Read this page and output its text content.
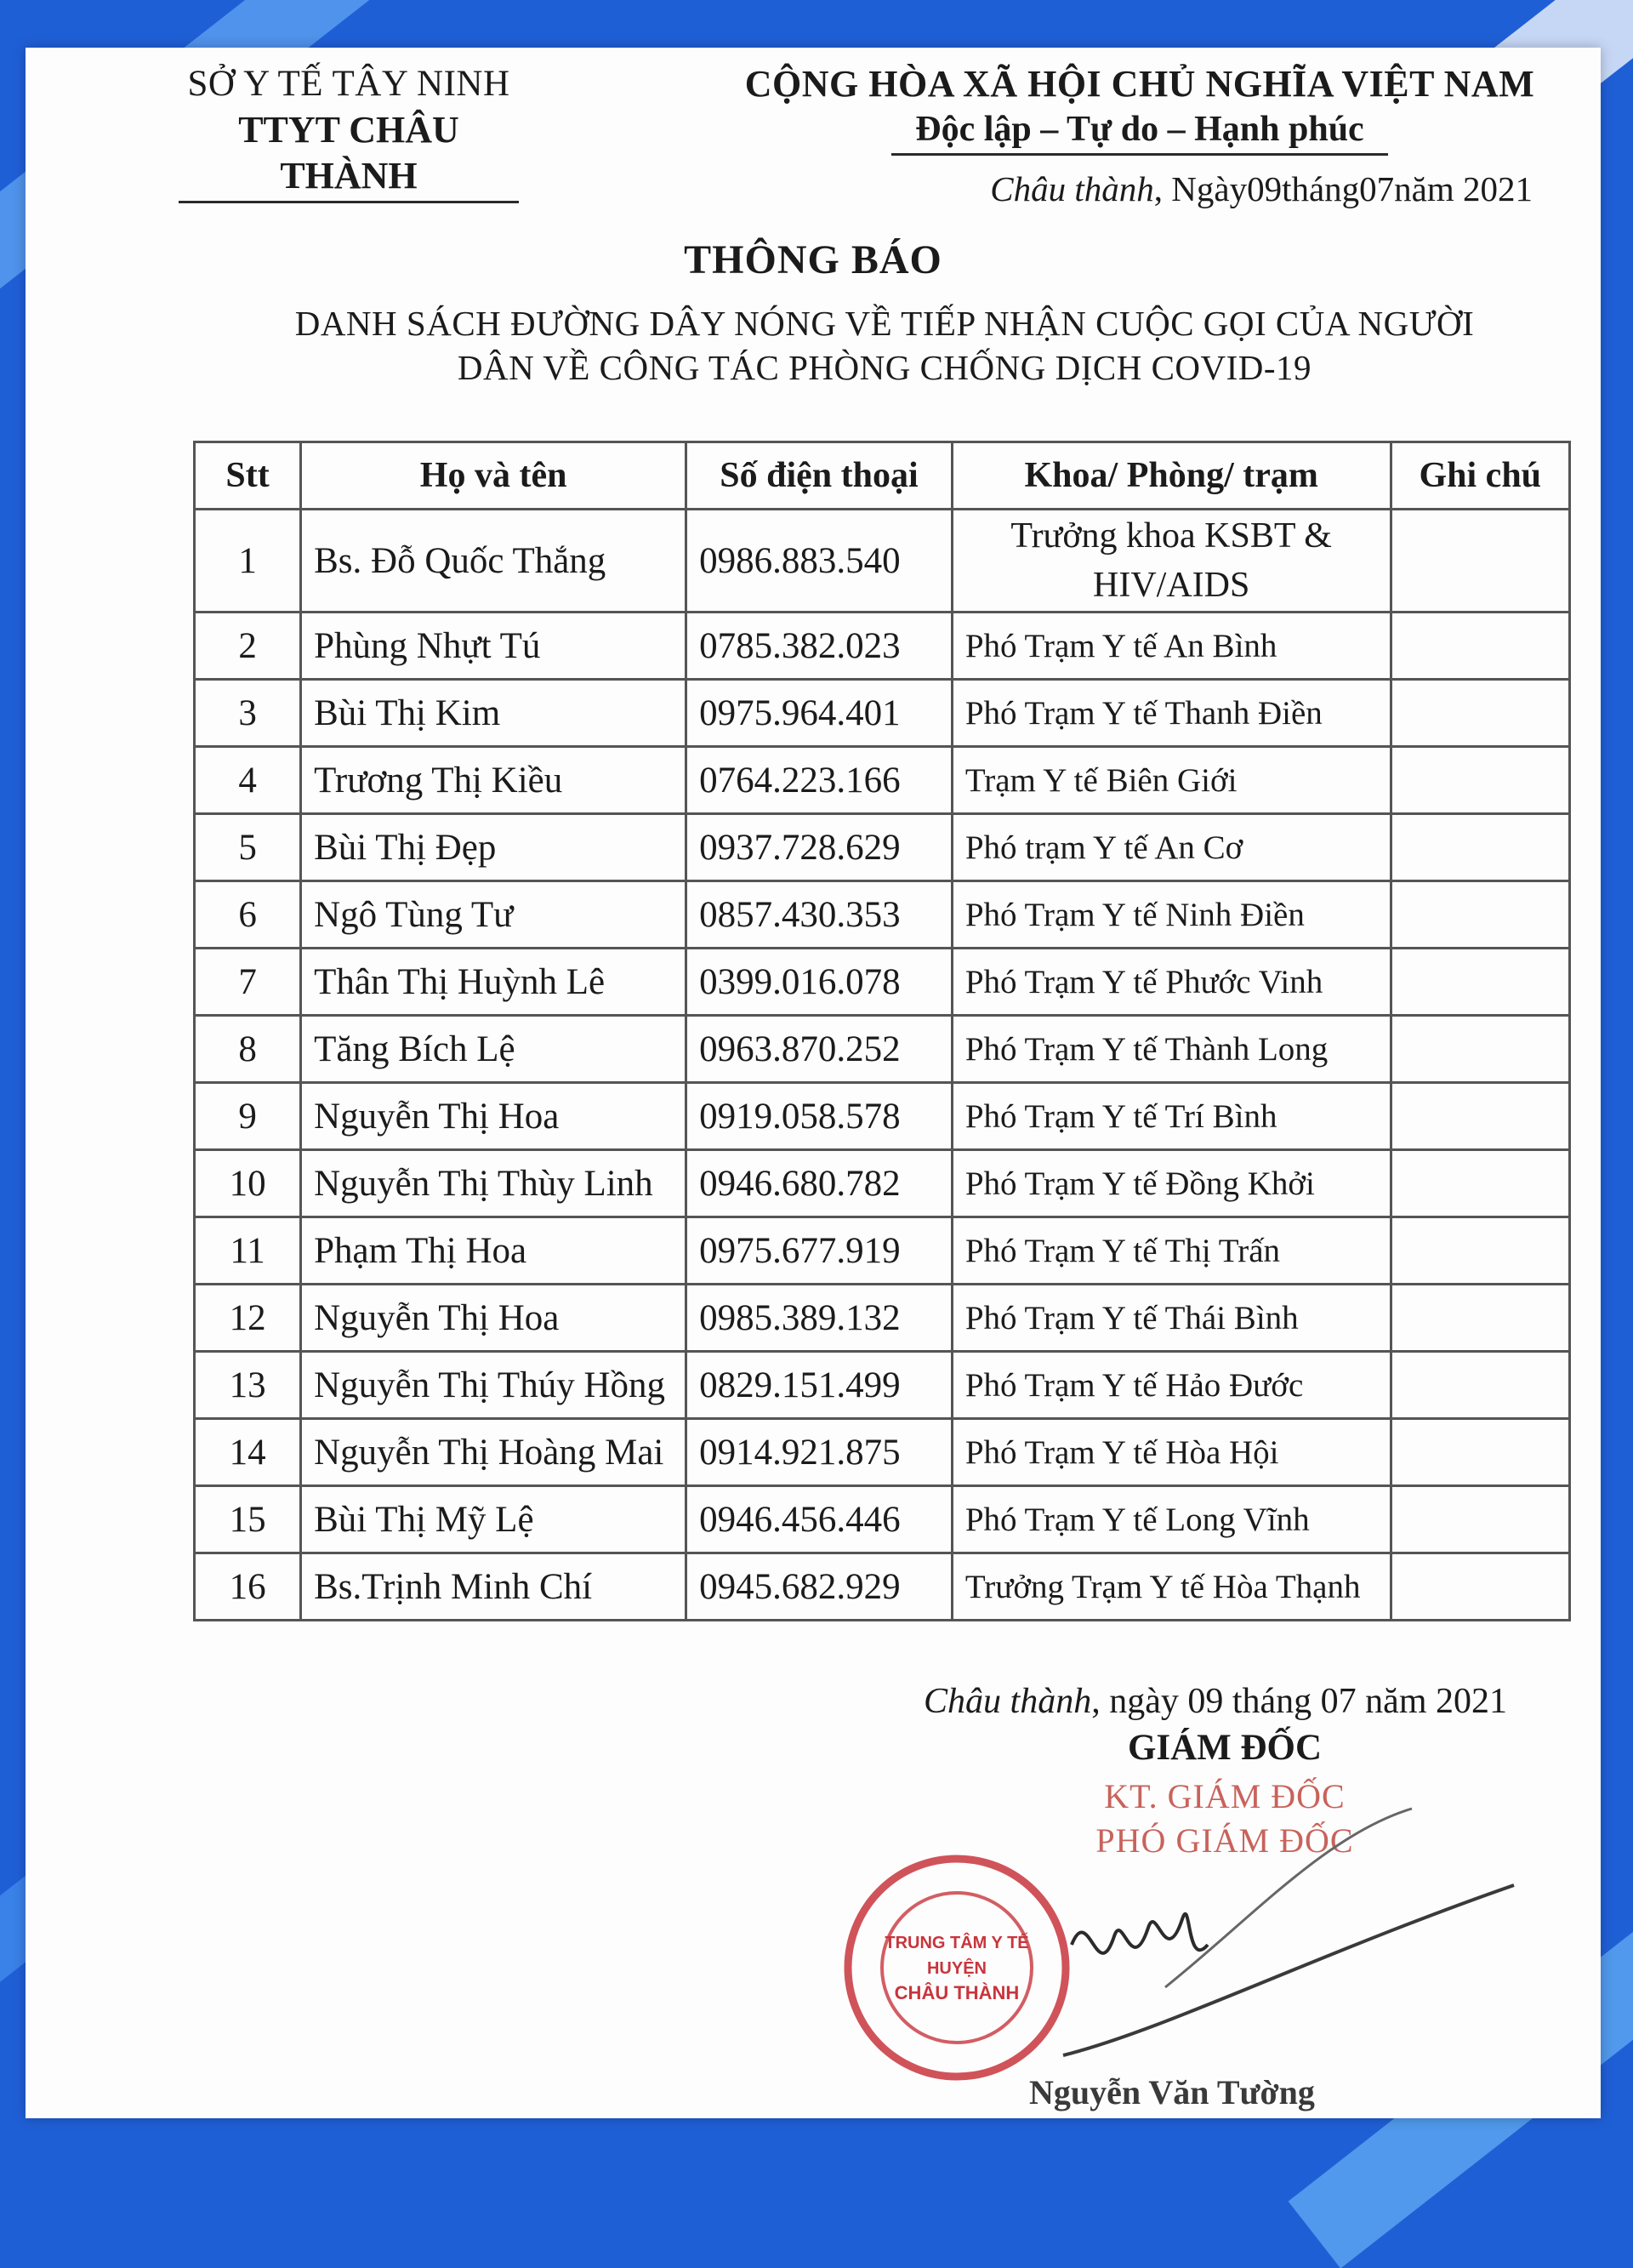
SỞ Y TẾ TÂY NINH
TTYT CHÂU THÀNH
CỘNG HÒA XÃ HỘI CHỦ NGHĨA VIỆT NAM
Độc lập – Tự do – Hạnh phúc
Châu thành, Ngày09tháng07năm 2021
THÔNG BÁO
DANH SÁCH ĐƯỜNG DÂY NÓNG VỀ TIẾP NHẬN CUỘC GỌI CỦA NGƯỜI
DÂN VỀ CÔNG TÁC PHÒNG CHỐNG DỊCH COVID-19
Stt	Họ và tên	Số điện thoại	Khoa/ Phòng/ trạm	Ghi chú
1	Bs. Đỗ Quốc Thắng	0986.883.540	Trưởng khoa KSBT & HIV/AIDS	
2	Phùng Nhựt Tú	0785.382.023	Phó Trạm Y tế An Bình	
3	Bùi Thị Kim	0975.964.401	Phó Trạm Y tế Thanh Điền	
4	Trương Thị Kiều	0764.223.166	Trạm Y tế Biên Giới	
5	Bùi Thị Đẹp	0937.728.629	Phó trạm Y tế An Cơ	
6	Ngô Tùng Tư	0857.430.353	Phó Trạm Y tế Ninh Điền	
7	Thân Thị Huỳnh Lê	0399.016.078	Phó Trạm Y tế Phước Vinh	
8	Tăng Bích Lệ	0963.870.252	Phó Trạm Y tế Thành Long	
9	Nguyễn Thị Hoa	0919.058.578	Phó Trạm Y tế Trí Bình	
10	Nguyễn Thị Thùy Linh	0946.680.782	Phó Trạm Y tế Đồng Khởi	
11	Phạm Thị Hoa	0975.677.919	Phó Trạm Y tế Thị Trấn	
12	Nguyễn Thị Hoa	0985.389.132	Phó Trạm Y tế Thái Bình	
13	Nguyễn Thị Thúy Hồng	0829.151.499	Phó Trạm Y tế Hảo Đước	
14	Nguyễn Thị Hoàng Mai	0914.921.875	Phó Trạm Y tế Hòa Hội	
15	Bùi Thị Mỹ Lệ	0946.456.446	Phó Trạm Y tế Long Vĩnh	
16	Bs.Trịnh Minh Chí	0945.682.929	Trưởng Trạm Y tế Hòa Thạnh	
Châu thành, ngày 09 tháng 07 năm 2021
GIÁM ĐỐC
KT. GIÁM ĐỐC
PHÓ GIÁM ĐỐC
TRUNG TÂM Y TẾ
HUYỆN
CHÂU THÀNH
Nguyễn Văn Tường
